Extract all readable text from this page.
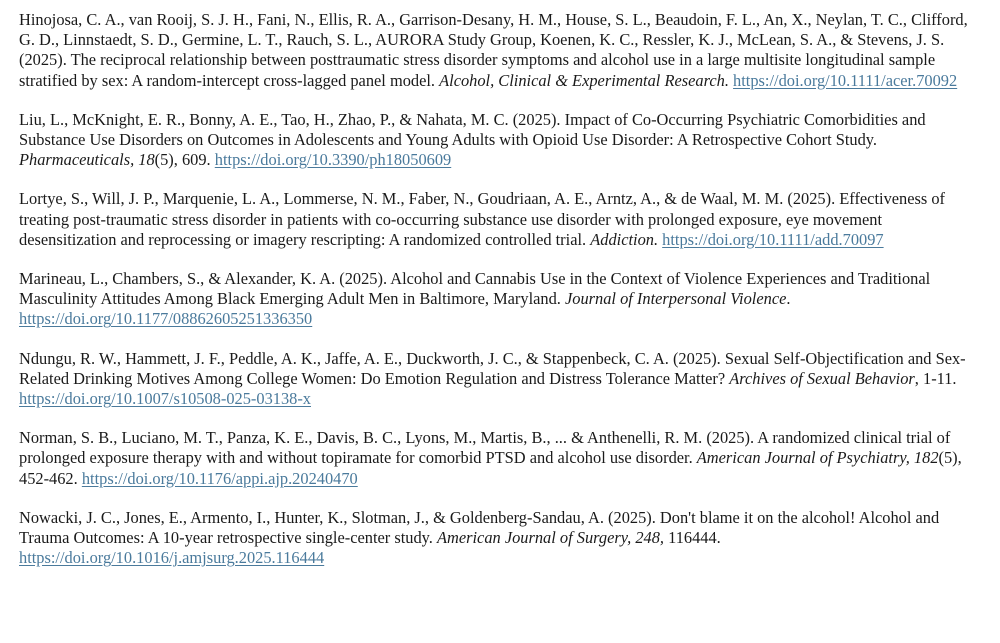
Hinojosa, C. A., van Rooij, S. J. H., Fani, N., Ellis, R. A., Garrison-Desany, H. M., House, S. L., Beaudoin, F. L., An, X., Neylan, T. C., Clifford, G. D., Linnstaedt, S. D., Germine, L. T., Rauch, S. L., AURORA Study Group, Koenen, K. C., Ressler, K. J., McLean, S. A., & Stevens, J. S. (2025). The reciprocal relationship between posttraumatic stress disorder symptoms and alcohol use in a large multisite longitudinal sample stratified by sex: A random-intercept cross-lagged panel model. Alcohol, Clinical & Experimental Research. https://doi.org/10.1111/acer.70092

Liu, L., McKnight, E. R., Bonny, A. E., Tao, H., Zhao, P., & Nahata, M. C. (2025). Impact of Co-Occurring Psychiatric Comorbidities and Substance Use Disorders on Outcomes in Adolescents and Young Adults with Opioid Use Disorder: A Retrospective Cohort Study. Pharmaceuticals, 18(5), 609. https://doi.org/10.3390/ph18050609

Lortye, S., Will, J. P., Marquenie, L. A., Lommerse, N. M., Faber, N., Goudriaan, A. E., Arntz, A., & de Waal, M. M. (2025). Effectiveness of treating post-traumatic stress disorder in patients with co-occurring substance use disorder with prolonged exposure, eye movement desensitization and reprocessing or imagery rescripting: A randomized controlled trial. Addiction. https://doi.org/10.1111/add.70097

Marineau, L., Chambers, S., & Alexander, K. A. (2025). Alcohol and Cannabis Use in the Context of Violence Experiences and Traditional Masculinity Attitudes Among Black Emerging Adult Men in Baltimore, Maryland. Journal of Interpersonal Violence. https://doi.org/10.1177/08862605251336350

Ndungu, R. W., Hammett, J. F., Peddle, A. K., Jaffe, A. E., Duckworth, J. C., & Stappenbeck, C. A. (2025). Sexual Self-Objectification and Sex-Related Drinking Motives Among College Women: Do Emotion Regulation and Distress Tolerance Matter? Archives of Sexual Behavior, 1-11. https://doi.org/10.1007/s10508-025-03138-x

Norman, S. B., Luciano, M. T., Panza, K. E., Davis, B. C., Lyons, M., Martis, B., ... & Anthenelli, R. M. (2025). A randomized clinical trial of prolonged exposure therapy with and without topiramate for comorbid PTSD and alcohol use disorder. American Journal of Psychiatry, 182(5), 452-462. https://doi.org/10.1176/appi.ajp.20240470

Nowacki, J. C., Jones, E., Armento, I., Hunter, K., Slotman, J., & Goldenberg-Sandau, A. (2025). Don't blame it on the alcohol! Alcohol and Trauma Outcomes: A 10-year retrospective single-center study. American Journal of Surgery, 248, 116444. https://doi.org/10.1016/j.amjsurg.2025.116444
